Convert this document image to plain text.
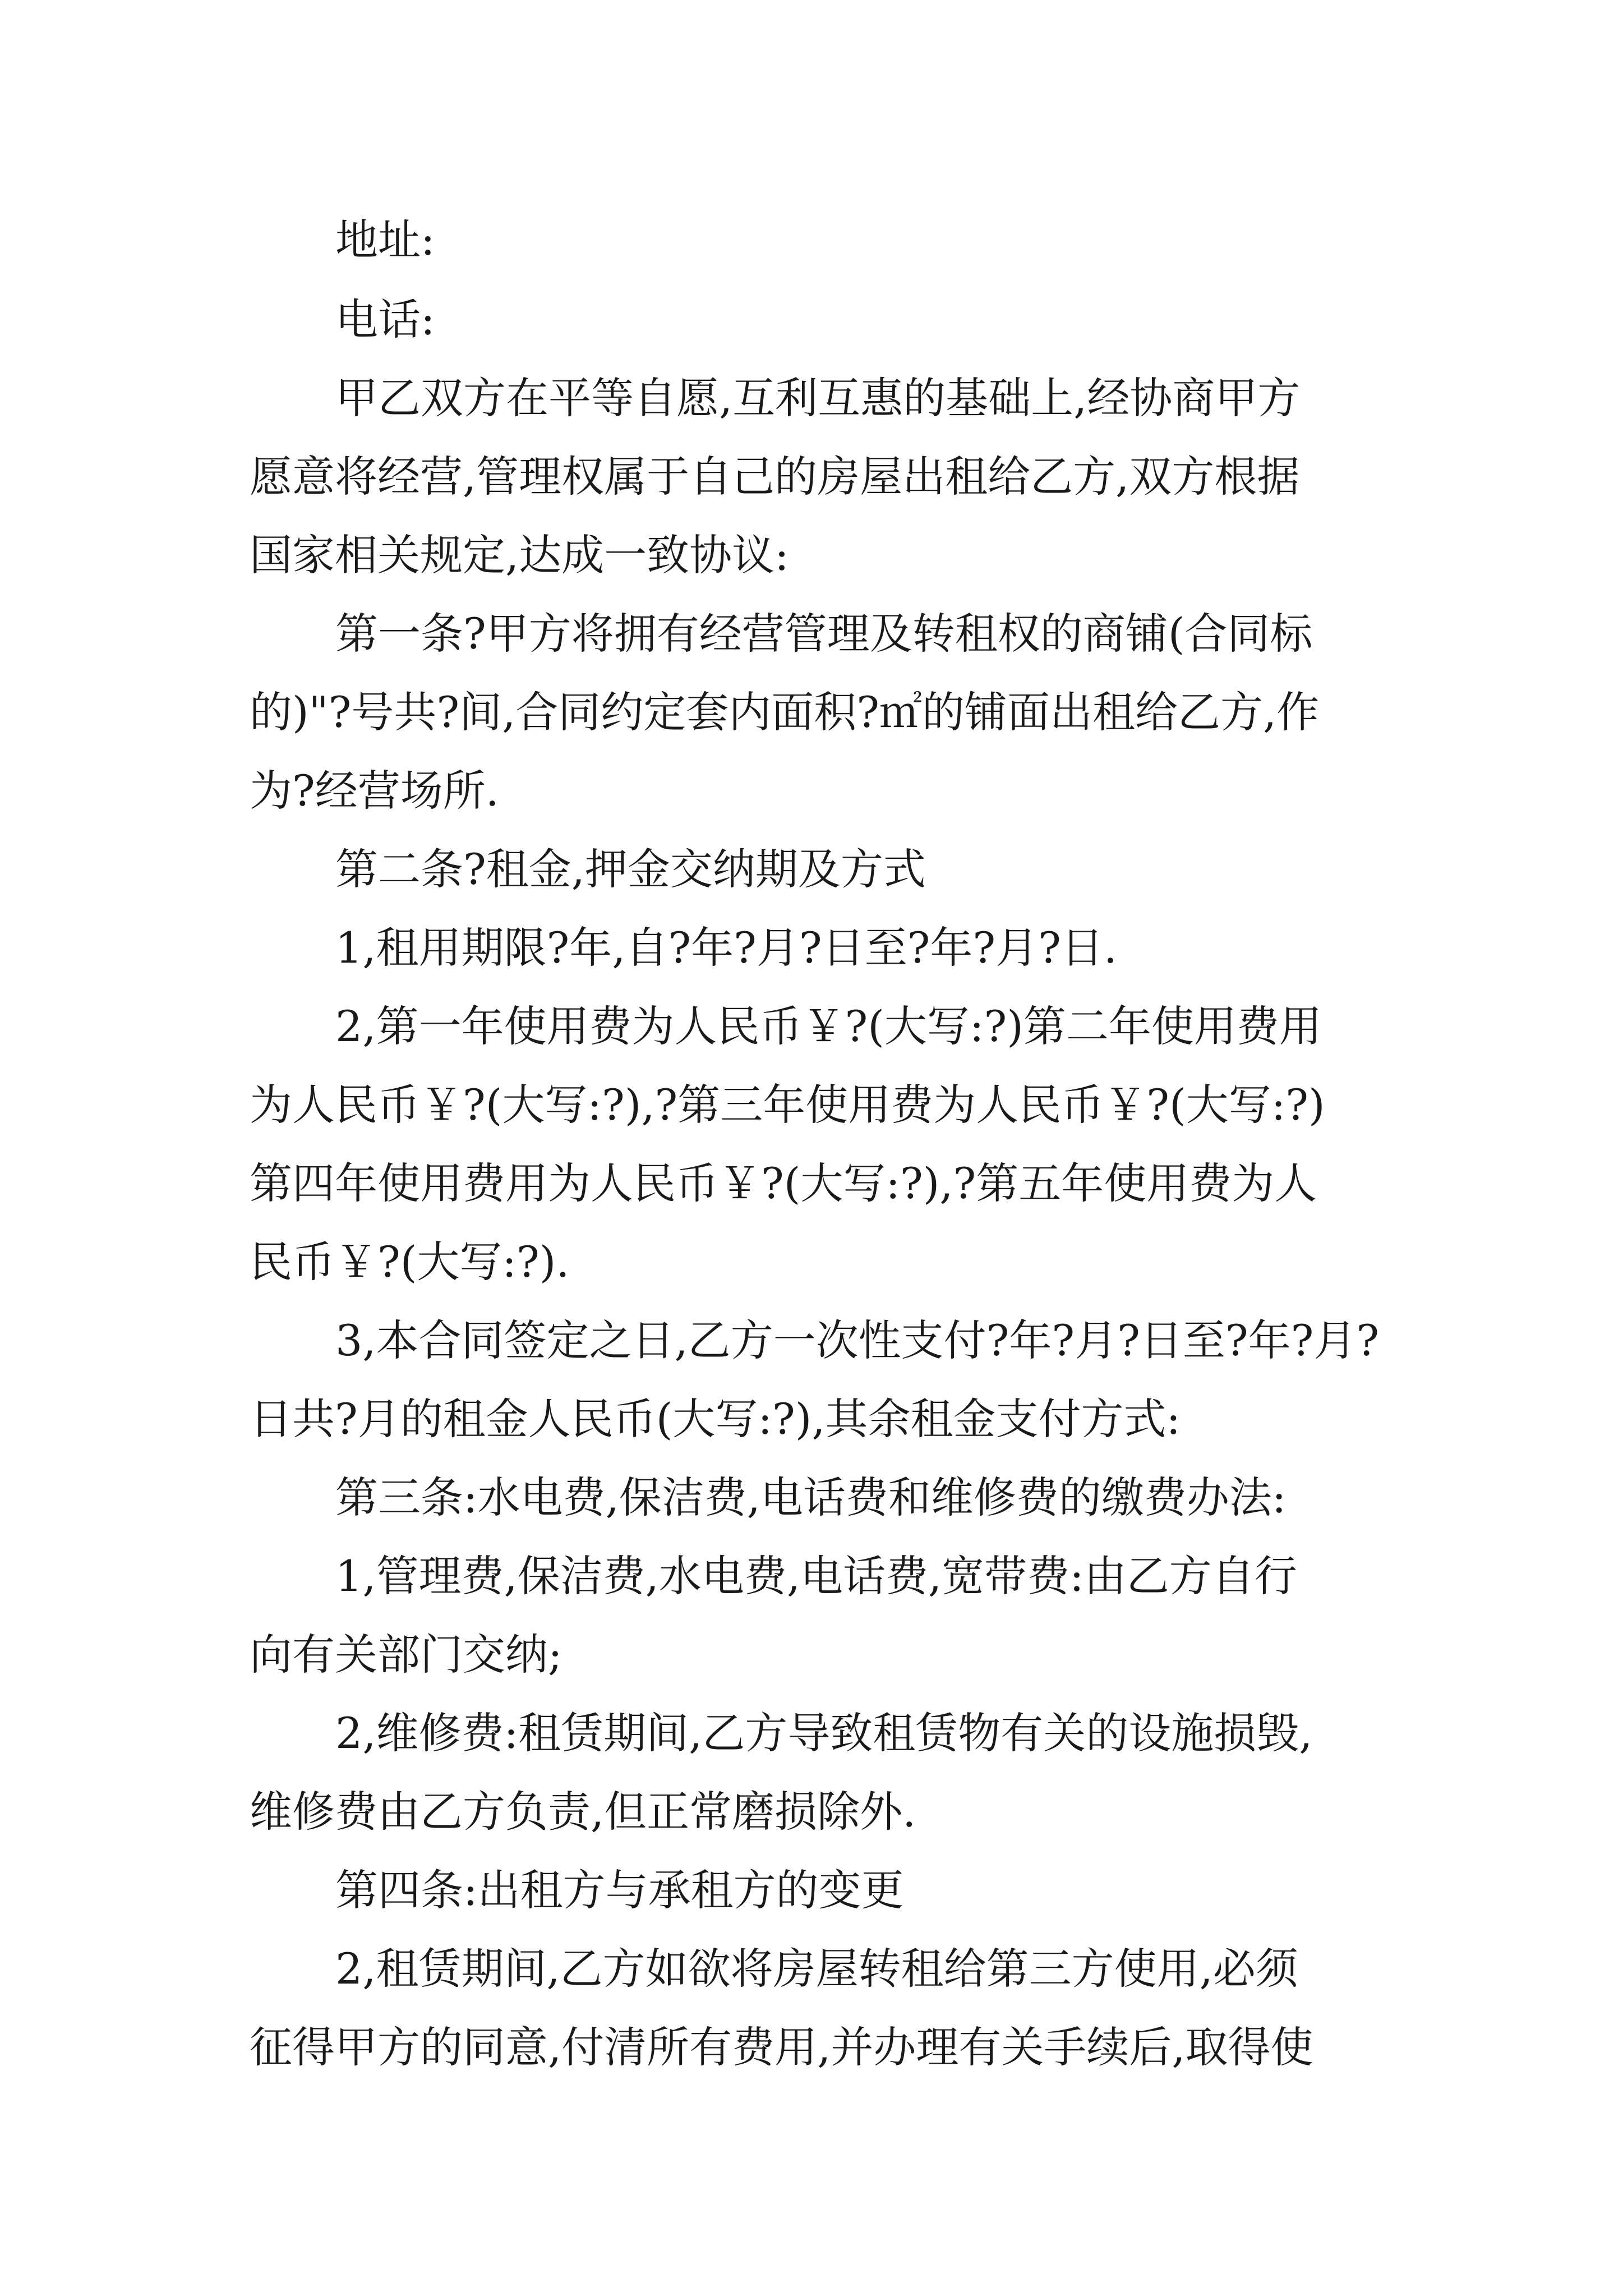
地址:

电话:

甲乙双方在平等自愿,互利互惠的基础上,经协商甲方

愿意将经营,管理权属于自己的房屋出租给乙方,双方根据

国家相关规定,达成一致协议:

第一条?甲方将拥有经营管理及转租权的商铺(合同标

的)"?号共?间,合同约定套内面积?㎡的铺面出租给乙方,作

为?经营场所.

第二条?租金,押金交纳期及方式

1,租用期限?年,自?年?月?日至?年?月?日.

2,第一年使用费为人民币￥?(大写:?)第二年使用费用

为人民币￥?(大写:?),?第三年使用费为人民币￥?(大写:?)

第四年使用费用为人民币￥?(大写:?),?第五年使用费为人

民币￥?(大写:?).

3,本合同签定之日,乙方一次性支付?年?月?日至?年?月?

日共?月的租金人民币(大写:?),其余租金支付方式:

第三条:水电费,保洁费,电话费和维修费的缴费办法:

1,管理费,保洁费,水电费,电话费,宽带费:由乙方自行

向有关部门交纳;

2,维修费:租赁期间,乙方导致租赁物有关的设施损毁,

维修费由乙方负责,但正常磨损除外.

第四条:出租方与承租方的变更

2,租赁期间,乙方如欲将房屋转租给第三方使用,必须

征得甲方的同意,付清所有费用,并办理有关手续后,取得使
